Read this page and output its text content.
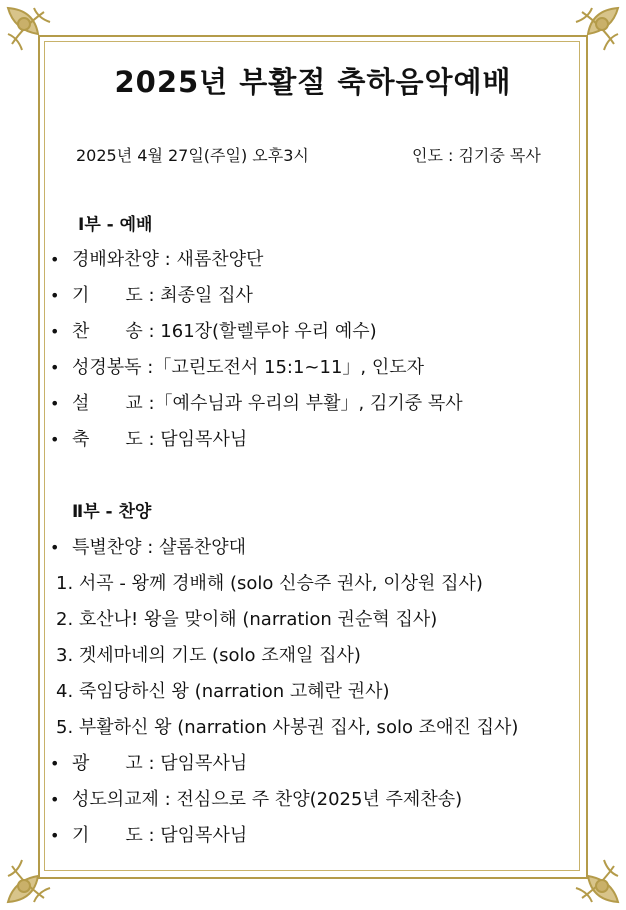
2025년 부활절 축하음악예배
2025년 4월 27일(주일) 오후3시	인도 : 김기중 목사
Ⅰ부 - 예배
• 경배와찬양 : 새롬찬양단
• 기　　도 : 최종일 집사
• 찬　　송 : 161장(할렐루야 우리 예수)
• 성경봉독 :「고린도전서 15:1~11」, 인도자
• 설　　교 :「예수님과 우리의 부활」, 김기중 목사
• 축　　도 : 담임목사님
Ⅱ부 - 찬양
• 특별찬양 : 샬롬찬양대
1. 서곡 - 왕께 경배해 (solo 신승주 권사, 이상원 집사)
2. 호산나! 왕을 맞이해 (narration 권순혁 집사)
3. 겟세마네의 기도 (solo 조재일 집사)
4. 죽임당하신 왕 (narration 고혜란 권사)
5. 부활하신 왕 (narration 사봉권 집사, solo 조애진 집사)
• 광　　고 : 담임목사님
• 성도의교제 : 전심으로 주 찬양(2025년 주제찬송)
• 기　　도 : 담임목사님
